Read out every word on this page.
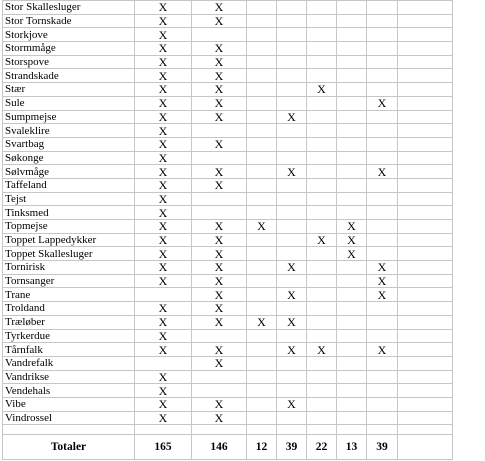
Stor Skallesluger	X	X						
Stor Tornskade	X	X						
Storkjove	X							
Stormmåge	X	X						
Storspove	X	X						
Strandskade	X	X						
Stær	X	X			X			
Sule	X	X					X	
Sumpmejse	X	X		X				
Svaleklire	X							
Svartbag	X	X						
Søkonge	X							
Sølvmåge	X	X		X			X	
Taffeland	X	X						
Tejst	X							
Tinksmed	X							
Topmejse	X	X	X			X		
Toppet Lappedykker	X	X			X	X		
Toppet Skallesluger	X	X				X		
Tornirisk	X	X		X			X	
Tornsanger	X	X					X	
Trane		X		X			X	
Troldand	X	X						
Træløber	X	X	X	X				
Tyrkerdue	X							
Tårnfalk	X	X		X	X		X	
Vandrefalk		X						
Vandrikse	X							
Vendehals	X							
Vibe	X	X		X				
Vindrossel	X	X						

Totaler	165	146	12	39	22	13	39	
